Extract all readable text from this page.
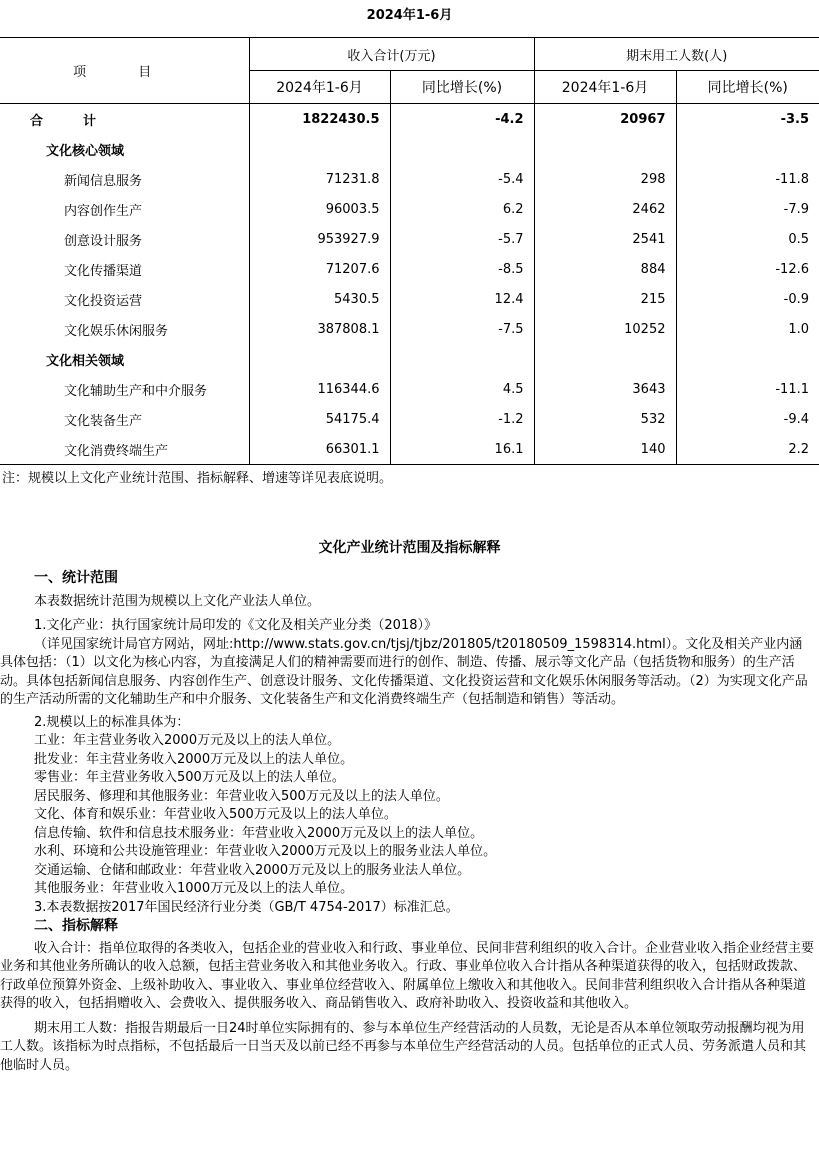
2024年1-6月
项 目	收入合计(万元)		期末用工人数(人)	
	2024年1-6月	同比增长(%)	2024年1-6月	同比增长(%)
合计	1822430.5	-4.2	20967	-3.5
文化核心领域				
新闻信息服务	71231.8	-5.4	298	-11.8
内容创作生产	96003.5	6.2	2462	-7.9
创意设计服务	953927.9	-5.7	2541	0.5
文化传播渠道	71207.6	-8.5	884	-12.6
文化投资运营	5430.5	12.4	215	-0.9
文化娱乐休闲服务	387808.1	-7.5	10252	1.0
文化相关领域				
文化辅助生产和中介服务	116344.6	4.5	3643	-11.1
文化装备生产	54175.4	-1.2	532	-9.4
文化消费终端生产	66301.1	16.1	140	2.2
注：规模以上文化产业统计范围、指标解释、增速等详见表底说明。
文化产业统计范围及指标解释
一、统计范围
本表数据统计范围为规模以上文化产业法人单位。
1.文化产业：执行国家统计局印发的《文化及相关产业分类（2018）》
（详见国家统计局官方网站，网址:http://www.stats.gov.cn/tjsj/tjbz/201805/t20180509_1598314.html）。文化及相关产业内涵具体包括：（1）以文化为核心内容，为直接满足人们的精神需要而进行的创作、制造、传播、展示等文化产品（包括货物和服务）的生产活动。具体包括新闻信息服务、内容创作生产、创意设计服务、文化传播渠道、文化投资运营和文化娱乐休闲服务等活动。（2）为实现文化产品的生产活动所需的文化辅助生产和中介服务、文化装备生产和文化消费终端生产（包括制造和销售）等活动。
2.规模以上的标准具体为：
工业：年主营业务收入2000万元及以上的法人单位。
批发业：年主营业务收入2000万元及以上的法人单位。
零售业：年主营业务收入500万元及以上的法人单位。
居民服务、修理和其他服务业：年营业收入500万元及以上的法人单位。
文化、体育和娱乐业：年营业收入500万元及以上的法人单位。
信息传输、软件和信息技术服务业：年营业收入2000万元及以上的法人单位。
水利、环境和公共设施管理业：年营业收入2000万元及以上的服务业法人单位。
交通运输、仓储和邮政业：年营业收入2000万元及以上的服务业法人单位。
其他服务业：年营业收入1000万元及以上的法人单位。
3.本表数据按2017年国民经济行业分类（GB/T 4754-2017）标准汇总。
二、指标解释
收入合计：指单位取得的各类收入，包括企业的营业收入和行政、事业单位、民间非营利组织的收入合计。企业营业收入指企业经营主要业务和其他业务所确认的收入总额，包括主营业务收入和其他业务收入。行政、事业单位收入合计指从各种渠道获得的收入，包括财政拨款、行政单位预算外资金、上级补助收入、事业收入、事业单位经营收入、附属单位上缴收入和其他收入。民间非营利组织收入合计指从各种渠道获得的收入，包括捐赠收入、会费收入、提供服务收入、商品销售收入、政府补助收入、投资收益和其他收入。
期末用工人数：指报告期最后一日24时单位实际拥有的、参与本单位生产经营活动的人员数，无论是否从本单位领取劳动报酬均视为用工人数。该指标为时点指标，不包括最后一日当天及以前已经不再参与本单位生产经营活动的人员。包括单位的正式人员、劳务派遣人员和其他临时人员。
